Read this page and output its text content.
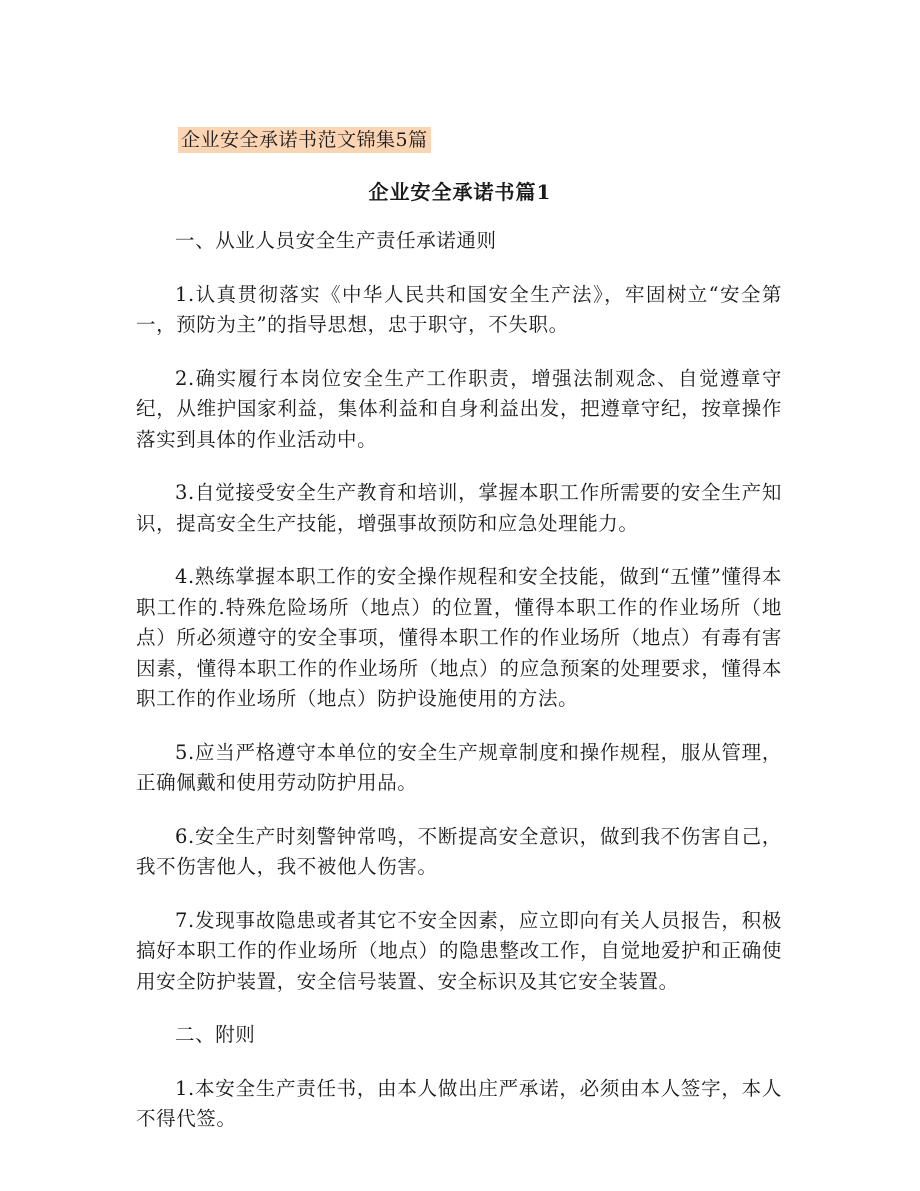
企业安全承诺书范文锦集5篇
企业安全承诺书篇1

一、从业人员安全生产责任承诺通则

1.认真贯彻落实《中华人民共和国安全生产法》，牢固树立“安全第一，预防为主”的指导思想，忠于职守，不失职。

2.确实履行本岗位安全生产工作职责，增强法制观念、自觉遵章守纪，从维护国家利益，集体利益和自身利益出发，把遵章守纪，按章操作落实到具体的作业活动中。

3.自觉接受安全生产教育和培训，掌握本职工作所需要的安全生产知识，提高安全生产技能，增强事故预防和应急处理能力。

4.熟练掌握本职工作的安全操作规程和安全技能，做到“五懂”懂得本职工作的.特殊危险场所（地点）的位置，懂得本职工作的作业场所（地点）所必须遵守的安全事项，懂得本职工作的作业场所（地点）有毒有害因素，懂得本职工作的作业场所（地点）的应急预案的处理要求，懂得本职工作的作业场所（地点）防护设施使用的方法。

5.应当严格遵守本单位的安全生产规章制度和操作规程，服从管理，正确佩戴和使用劳动防护用品。

6.安全生产时刻警钟常鸣，不断提高安全意识，做到我不伤害自己，我不伤害他人，我不被他人伤害。

7.发现事故隐患或者其它不安全因素，应立即向有关人员报告，积极搞好本职工作的作业场所（地点）的隐患整改工作，自觉地爱护和正确使用安全防护装置，安全信号装置、安全标识及其它安全装置。

二、附则

1.本安全生产责任书，由本人做出庄严承诺，必须由本人签字，本人不得代签。
